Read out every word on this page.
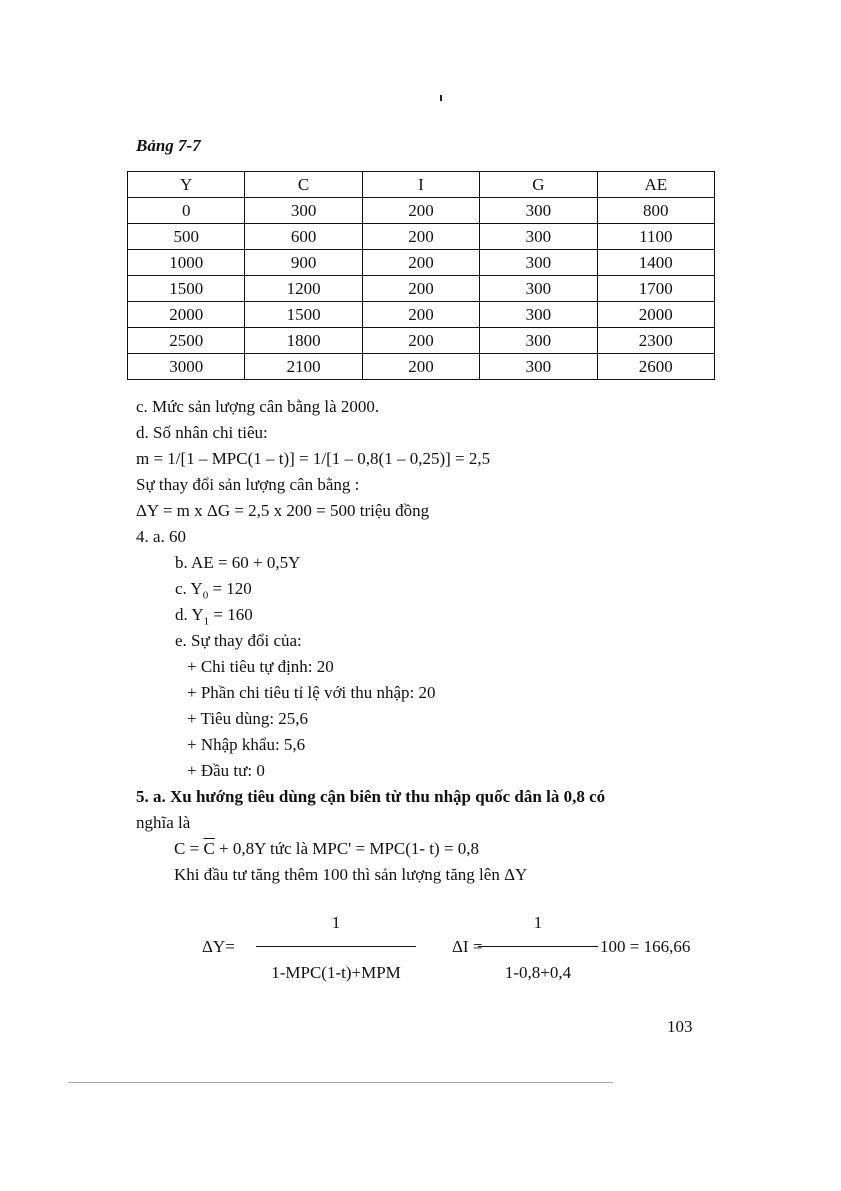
Bảng 7-7
Y	C	I	G	AE
0	300	200	300	800
500	600	200	300	1100
1000	900	200	300	1400
1500	1200	200	300	1700
2000	1500	200	300	2000
2500	1800	200	300	2300
3000	2100	200	300	2600
c. Mức sản lượng cân bằng là 2000.
d. Số nhân chi tiêu:
m = 1/[1 – MPC(1 – t)] = 1/[1 – 0,8(1 – 0,25)] = 2,5
Sự thay đổi sản lượng cân bằng :
ΔY = m x ΔG = 2,5 x 200 = 500 triệu đồng
4. a. 60
b. AE = 60 + 0,5Y
c. $Y_0 = 120$
d. $Y_1 = 160$
e. Sự thay đổi của:
+ Chi tiêu tự định: 20
+ Phần chi tiêu tỉ lệ với thu nhập: 20
+ Tiêu dùng: 25,6
+ Nhập khẩu: 5,6
+ Đầu tư: 0
5. a. Xu hướng tiêu dùng cận biên từ thu nhập quốc dân là 0,8 có
nghĩa là
$C = \overline{C} + 0,8Y$ tức là MPC' = MPC(1- t) = 0,8
Khi đầu tư tăng thêm 100 thì sản lượng tăng lên ΔY
ΔY=
1
1-MPC(1-t)+MPM
ΔI =
1
1-0,8+0,4
100 = 166,66
103
